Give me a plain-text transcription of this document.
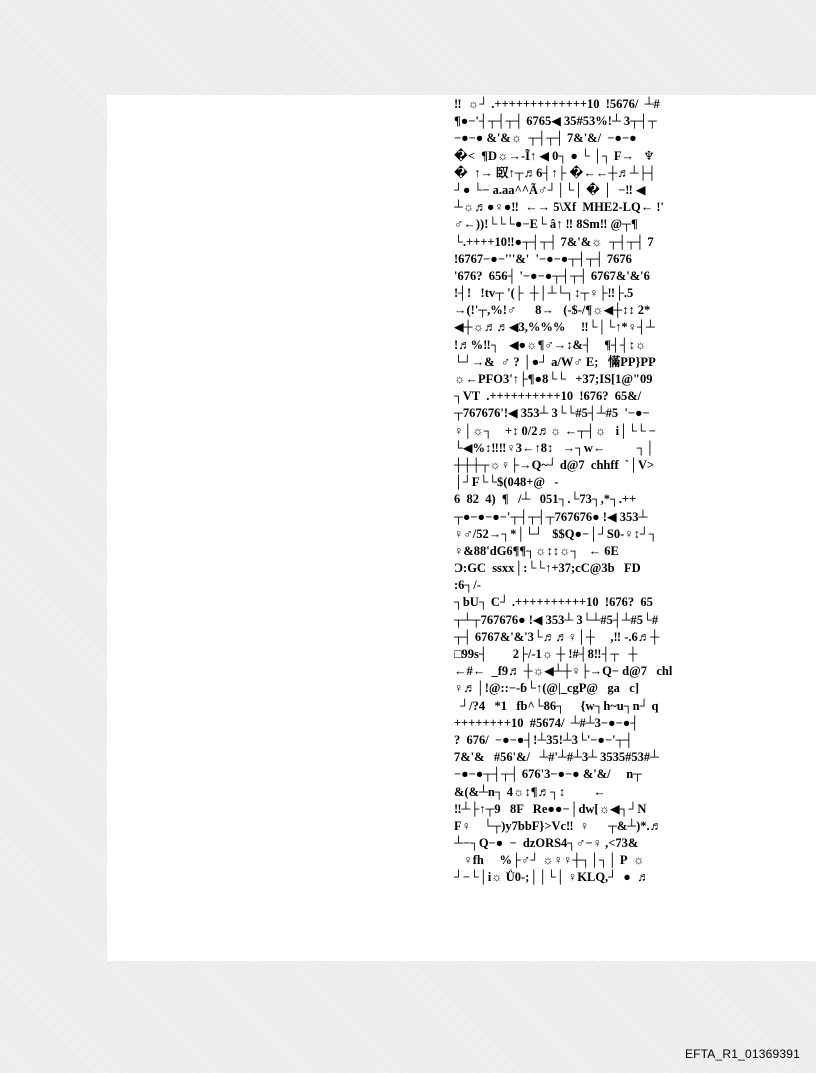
‼  ☼┘ .+++++++++++++10  !5676/  ┴#
¶●−'┤┬┤┬┤ 6765◀ 35#53%!┴ 3┬┤┬
−●−● &'&☼  ┬┤┬┤ 7&'&/  −●−●
�<  ¶D☼→-Ĩ↑ ◀ 0┐ ● └ │┐ F→   ♆
�  ↑→ 臤↑┬♬6┤↑├ �←←┼♬┴├┤
┘● └− a.aa^^Ã♂┘│└│ � │  −‼ ◀
┴☼♬●♀●‼  ←→ 5\Xf  MHE2-LQ← !'
♂←))!└└└●−E└ â↑ ‼ 8Sm‼ @┬¶
└.++++10‼●┬┤┬┤ 7&'&☼  ┬┤┬┤ 7
!6767−●−'''&'  '−●−●┬┤┬┤ 7676
'676?  656┤ '−●−●┬┤┬┤ 6767&'&'6
!┤!   !tv┬ '(├  ┼│┴└┐↕┬♀├‼├.5
→(!'┬,%!♂      8→   (-$-/¶☼◀┼↕↕ 2*
◀┼☼♬♬◀3,%%%     ‼└│└↑*♀┤┴
!♬%‼┐   ◀●☼¶♂→↕&┤    ¶┤┤↕☼
└┘→&  ♂ ? │●┘ a/W♂ E;   慲PP}PP
☼←PFO3'↑├¶●8└└   +37;IS[1@"09
┐VT  .++++++++++10  !676?  65&/
┬767676'!◀ 353┴ 3└└#5┤┴#5  '−●−
♀│☼┐    +↕ 0/2♬☼ ←┬┤☼   i│└└ −
└◀%↕‼‼♀3←↑8↕   →┐w←          ┐│
┼┼┼┬☼♀├→Q~┘ d@7  chhff  `│V>
│┘F└└$(048+@   -
6  82  4)  ¶   /┴   051┐.└73┐,*┐.++
┬●−●−●−'┬┤┬┤┬767676● !◀ 353┴
♀♂/52→┐*│└┘   $$Q●−│┘S0-♀↕┘┐
♀&88'dG6¶¶┐☼↕↕☼┐   ← 6E
Ɔ:GC  ssxx│:└└↑+37;cC@3b   FD
:6┐/-
┐bU┐ C┘ .++++++++++10  !676?  65
┬┴┬767676● !◀ 353┴ 3└┴#5┤┴#5└#
┬┤ 6767&'&'3└♬♬♀│┼     ,‼ -.6♬┼
□99s┤        2├/-1☼ ┼ !#┤8‼┤┬   ┼
←#←  _f9♬ ┼☼◀┴┼♀├→Q− d@7   chl
♀♬│!@::−-ɓ└↑(@|_cgP@   ga   c]
┘/?4   *1   fb^└86┐     {w┐h~u┐n┘ q
++++++++10  #5674/  ┴#┴3−●−●┤
?  676/  −●−●┤!┴35!┴3└'−●−'┬┤
7&'&   #56'&/   ┴#'┴#┴3┴ 3535#53#┴
−●−●┬┤┬┤ 676'3−●−● &'&/     n┬
&(&┴n┐ 4☼↕¶♬┐↕         ←
‼┴├↑┬9   8F   Re●●−│dw[☼◀┐┘N
F♀    └┬)y7bbF}>Vc‼  ♀      ┬&┴)*.♬
┴−┐Q−●  −  dzORS4┐♂−♀ ,<73&
♀fh     %├♂┘ ☼♀♀┼┐│┐│ P  ☼
┘−└│i☼ Ǘ0-;││└│ ♀KLQ,┘  ●  ♬
EFTA_R1_01369391
